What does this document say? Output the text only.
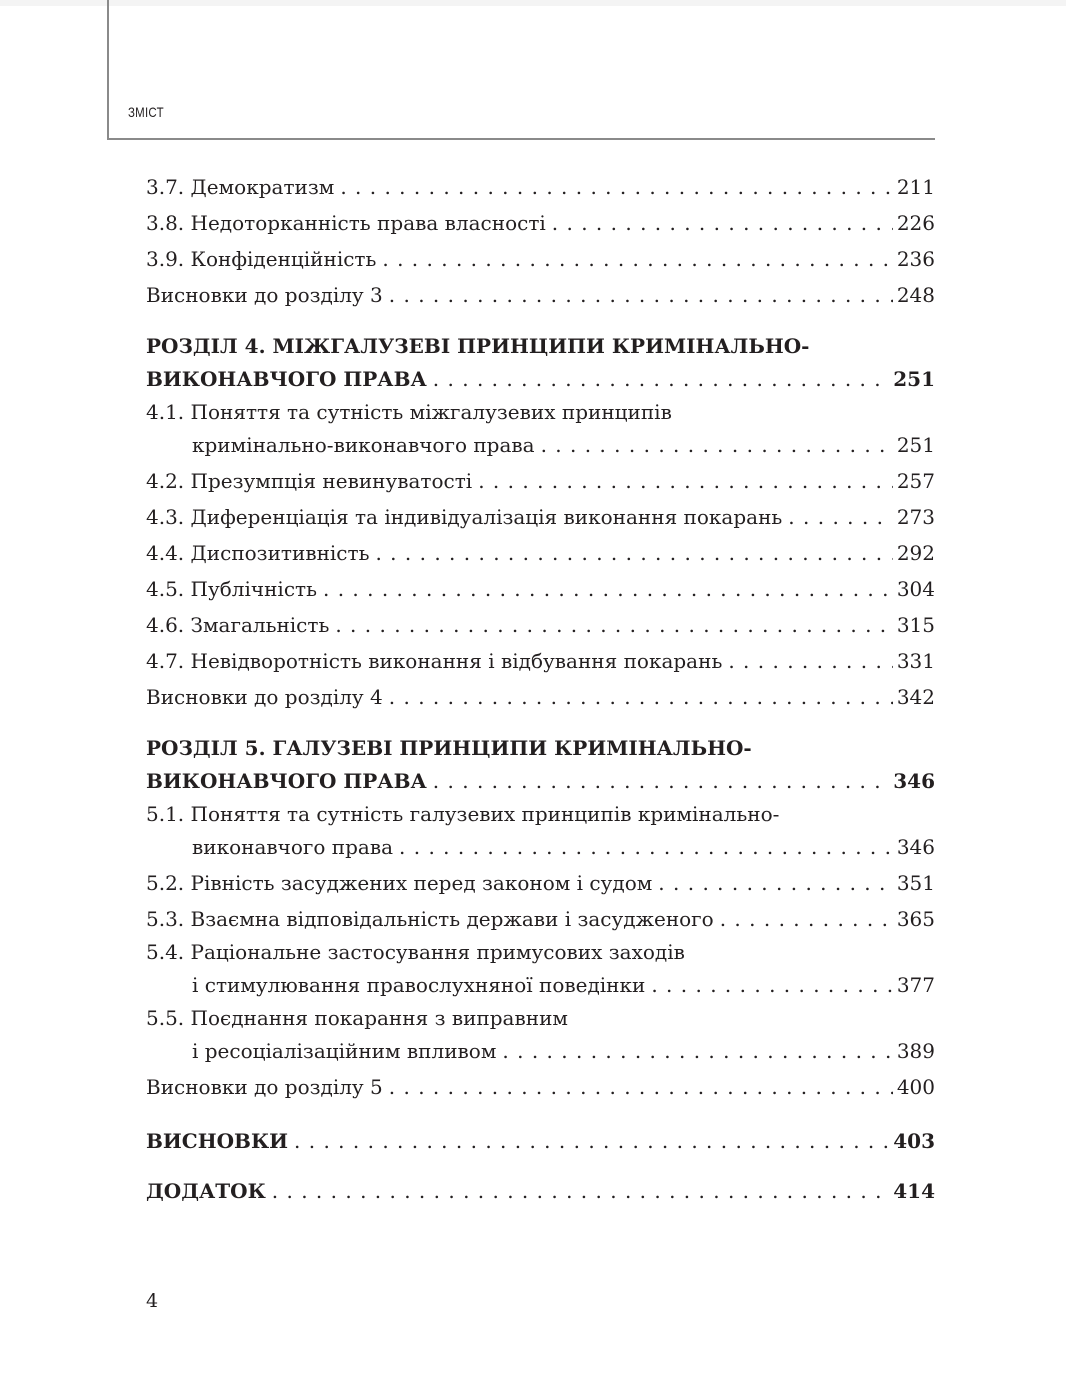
ЗМІСТ
3.7. Демократизм . . .	211
3.8. Недоторканність права власності . . .	226
3.9. Конфіденційність . . .	236
Висновки до розділу 3 . . .	248
РОЗДІЛ 4. МІЖГАЛУЗЕВІ ПРИНЦИПИ КРИМІНАЛЬНО-
ВИКОНАВЧОГО ПРАВА . . .	251
4.1. Поняття та сутність міжгалузевих принципів
кримінально-виконавчого права . . .	251
4.2. Презумпція невинуватості . . .	257
4.3. Диференціація та індивідуалізація виконання покарань . . .	273
4.4. Диспозитивність . . .	292
4.5. Публічність . . .	304
4.6. Змагальність . . .	315
4.7. Невідворотність виконання і відбування покарань . . .	331
Висновки до розділу 4 . . .	342
РОЗДІЛ 5. ГАЛУЗЕВІ ПРИНЦИПИ КРИМІНАЛЬНО-
ВИКОНАВЧОГО ПРАВА . . .	346
5.1. Поняття та сутність галузевих принципів кримінально-
виконавчого права . . .	346
5.2. Рівність засуджених перед законом і судом . . .	351
5.3. Взаємна відповідальність держави і засудженого . . .	365
5.4. Раціональне застосування примусових заходів
і стимулювання правослухняної поведінки . . .	377
5.5. Поєднання покарання з виправним
і ресоціалізаційним впливом . . .	389
Висновки до розділу 5 . . .	400
ВИСНОВКИ . . .	403
ДОДАТОК . . .	414
4
